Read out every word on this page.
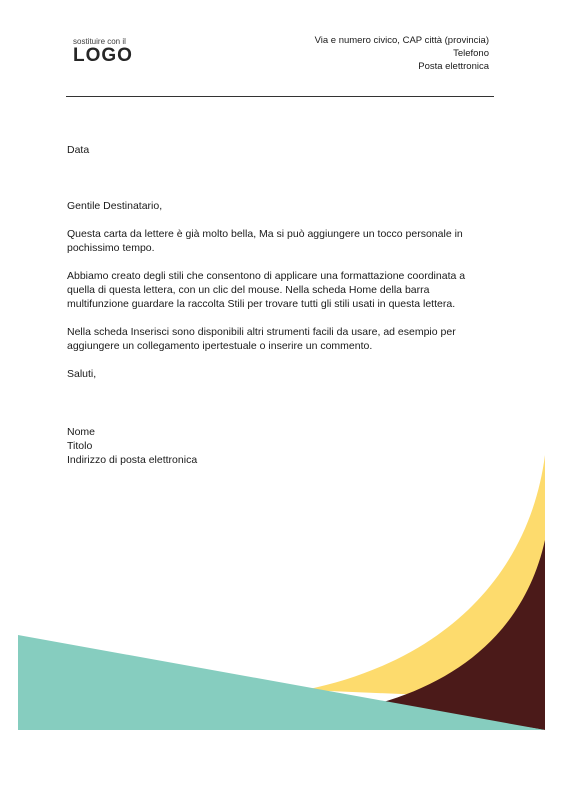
sostituire con il
LOGO
Via e numero civico, CAP città (provincia)
Telefono
Posta elettronica

Data

Gentile Destinatario,

Questa carta da lettere è già molto bella, Ma si può aggiungere un tocco personale in pochissimo tempo.

Abbiamo creato degli stili che consentono di applicare una formattazione coordinata a quella di questa lettera, con un clic del mouse. Nella scheda Home della barra multifunzione guardare la raccolta Stili per trovare tutti gli stili usati in questa lettera.

Nella scheda Inserisci sono disponibili altri strumenti facili da usare, ad esempio per aggiungere un collegamento ipertestuale o inserire un commento.

Saluti,

Nome
Titolo
Indirizzo di posta elettronica
